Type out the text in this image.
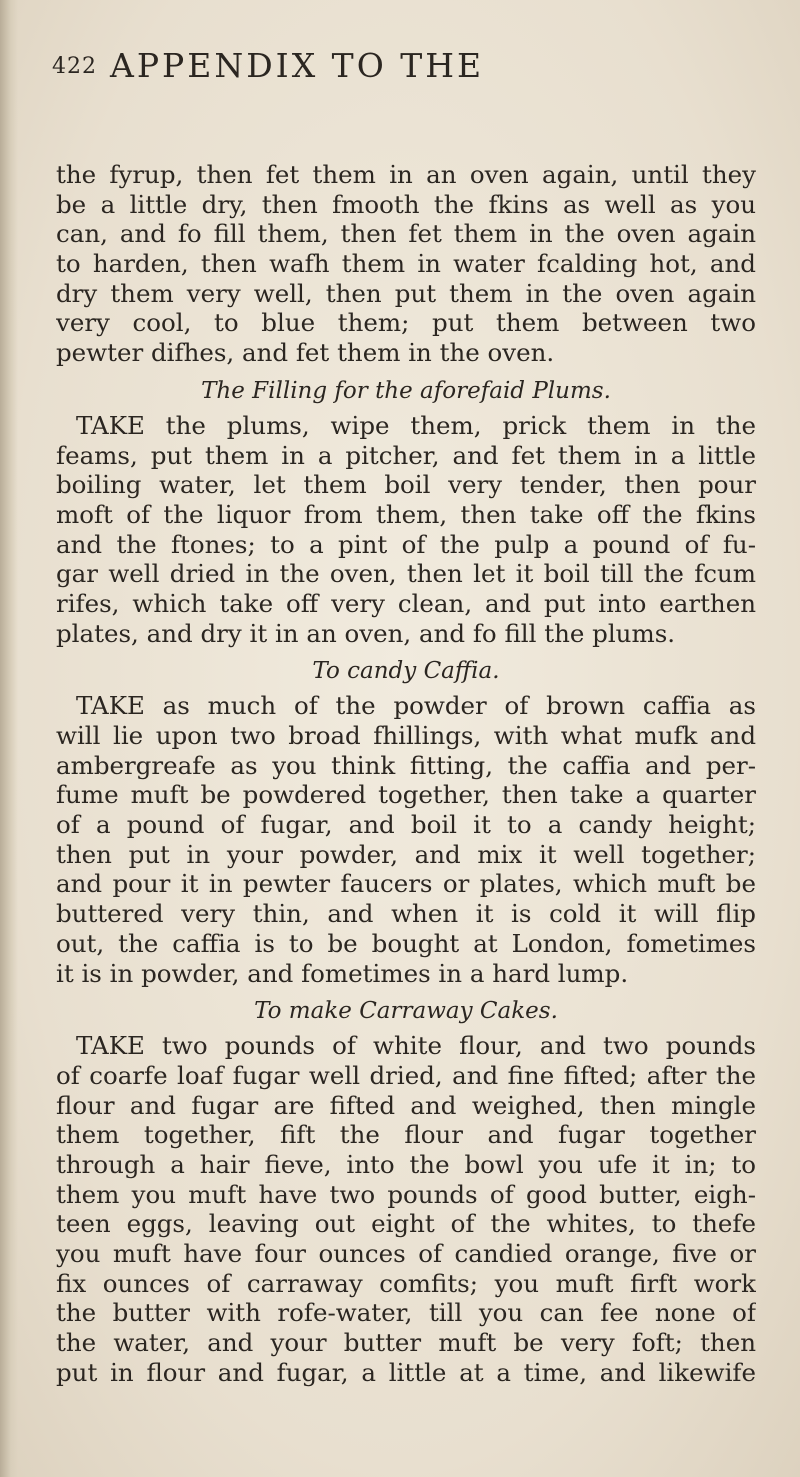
422 APPENDIX TO THE
the fyrup, then fet them in an oven again, until they
be a little dry, then fmooth the fkins as well as you
can, and fo fill them, then fet them in the oven again
to harden, then wafh them in water fcalding hot, and
dry them very well, then put them in the oven again
very cool, to blue them; put them between two
pewter difhes, and fet them in the oven.
The Filling for the aforefaid Plums.
TAKE the plums, wipe them, prick them in the
feams, put them in a pitcher, and fet them in a little
boiling water, let them boil very tender, then pour
moft of the liquor from them, then take off the fkins
and the ftones; to a pint of the pulp a pound of fu-
gar well dried in the oven, then let it boil till the fcum
rifes, which take off very clean, and put into earthen
plates, and dry it in an oven, and fo fill the plums.
To candy Caffia.
TAKE as much of the powder of brown caffia as
will lie upon two broad fhillings, with what mufk and
ambergreafe as you think fitting, the caffia and per-
fume muft be powdered together, then take a quarter
of a pound of fugar, and boil it to a candy height;
then put in your powder, and mix it well together;
and pour it in pewter faucers or plates, which muft be
buttered very thin, and when it is cold it will flip
out, the caffia is to be bought at London, fometimes
it is in powder, and fometimes in a hard lump.
To make Carraway Cakes.
TAKE two pounds of white flour, and two pounds
of coarfe loaf fugar well dried, and fine fifted; after the
flour and fugar are fifted and weighed, then mingle
them together, fift the flour and fugar together
through a hair fieve, into the bowl you ufe it in; to
them you muft have two pounds of good butter, eigh-
teen eggs, leaving out eight of the whites, to thefe
you muft have four ounces of candied orange, five or
fix ounces of carraway comfits; you muft firft work
the butter with rofe-water, till you can fee none of
the water, and your butter muft be very foft; then
put in flour and fugar, a little at a time, and likewife
